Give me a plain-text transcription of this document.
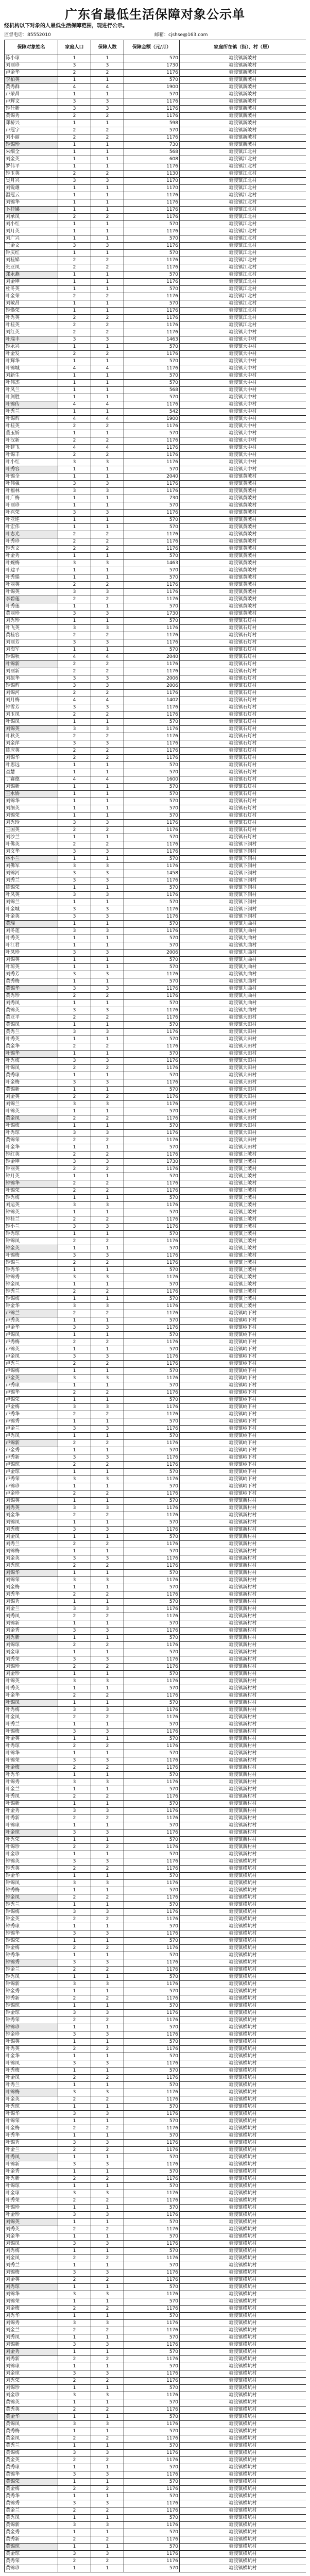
广东省最低生活保障对象公示单
经机构以下对象的人最低生活保障范围，现进行公示。
监督电话：85552010	邮箱：cjshse@163.com
保障对象姓名	家庭人口	保障人数	保障金额（元/月）	家庭所在镇（街）、村（居）
陈小琼	1	1	570	塘渡镇新陂村
刘丽珍	3	3	1730	塘渡镇新陂村
卢金华	2	2	1176	塘渡镇新陂村
李柏英	1	1	570	塘渡镇新陂村
黄秀群	4	4	1900	塘渡镇新陂村
卢荣昌	1	1	570	塘渡镇新陂村
卢辉文	3	3	1176	塘渡镇新陂村
钟仕新	3	3	1176	塘渡镇新陂村
黄锦秀	2	2	1176	塘渡镇新陂村
郑桥兴	1	1	598	塘渡镇新陂村
卢冠宇	2	2	570	塘渡镇新陂村
刘小丽	2	2	1176	塘渡镇新陂村
钟锦珍	1	1	730	塘渡镇新陂村
朱细全	1	1	568	塘渡镇江北村
刘金英	1	1	608	塘渡镇江北村
罗伟平	1	1	1176	塘渡镇江北村
钟玉英	2	2	1130	塘渡镇江北村
吴月兴	3	3	1170	塘渡镇江北村
刘锐雄	1	1	1170	塘渡镇江北村
温冠云	1	1	1176	塘渡镇江北村
刘锦华	1	1	1176	塘渡镇江北村
卜桂娣	1	1	1176	塘渡镇江北村
刘承凤	2	2	1176	塘渡镇江北村
刘小红	1	1	570	塘渡镇江北村
刘月英	1	1	1176	塘渡镇江北村
刘广兴	1	1	570	塘渡镇江北村
王金文	3	3	1176	塘渡镇江北村
钟庆红	1	1	570	塘渡镇江北村
刘桂娣	2	2	1176	塘渡镇江北村
张亚凤	2	2	1176	塘渡镇江北村
郑永燕	1	1	570	塘渡镇江北村
刘金坤	1	1	1176	塘渡镇江北村
杜冬英	1	1	570	塘渡镇江北村
叶金荣	2	2	1176	塘渡镇江北村
刘敏昌	1	1	570	塘渡镇江北村
钟焕荣	1	1	1176	塘渡镇江北村
叶秀英	2	2	1176	塘渡镇江北村
叶桂英	2	2	1176	塘渡镇江北村
刘红英	2	2	1176	塘渡镇大中村
叶瑞丰	3	3	1463	塘渡镇大中村
钟永兴	1	1	570	塘渡镇大中村
叶金发	2	2	1176	塘渡镇大中村
叶辉华	1	1	570	塘渡镇大中村
叶锦城	4	4	1176	塘渡镇大中村
刘新生	1	1	570	塘渡镇大中村
叶伟杰	1	1	570	塘渡镇大中村
叶凤兰	1	1	568	塘渡镇大中村
叶剑胜	1	1	570	塘渡镇大中村
叶锦传	4	4	1176	塘渡镇大中村
叶秀兰	1	1	542	塘渡镇大中村
叶锦辉	4	4	1900	塘渡镇大中村
叶桂英	2	2	1176	塘渡镇大中村
董玉娇	1	1	570	塘渡镇大中村
叶汉新	2	2	1176	塘渡镇大中村
叶建飞	4	4	1176	塘渡镇大中村
叶锦丰	2	2	1176	塘渡镇大中村
叶小红	3	3	1176	塘渡镇大中村
叶秀容	1	1	570	塘渡镇大中村
叶锦全	1	1	2040	塘渡镇黄陂村
叶伟强	3	3	1176	塘渡镇黄陂村
叶福林	3	3	1176	塘渡镇黄陂村
叶广梅	1	1	730	塘渡镇黄陂村
叶丽珍	1	1	570	塘渡镇黄陂村
叶兴荣	3	3	1176	塘渡镇黄陂村
叶亚连	1	1	570	塘渡镇黄陂村
叶宏伟	1	1	570	塘渡镇黄陂村
叶志光	2	2	1176	塘渡镇黄陂村
叶秀珍	2	2	1176	塘渡镇黄陂村
钟秀文	2	2	1176	塘渡镇黄陂村
叶金秀	1	1	570	塘渡镇黄陂村
叶婉梅	3	3	1463	塘渡镇黄陂村
叶建平	1	1	570	塘渡镇黄陂村
叶秀娟	1	1	570	塘渡镇黄陂村
叶丽英	2	2	1176	塘渡镇黄陂村
叶锦英	3	3	1176	塘渡镇黄陂村
李碧莲	2	2	1176	塘渡镇黄陂村
叶秀莲	1	1	570	塘渡镇黄陂村
黄丽珍	3	3	1730	塘渡镇黄陂村
刘秀珍	1	1	570	塘渡镇石灯村
叶飞英	3	3	1176	塘渡镇石灯村
黄桂容	2	2	1176	塘渡镇石灯村
刘丽芳	3	3	1176	塘渡镇石灯村
刘海军	1	1	570	塘渡镇石灯村
钟锦秋	4	4	2040	塘渡镇石灯村
叶锦新	2	2	1176	塘渡镇石灯村
刘丽新	2	2	1176	塘渡镇石灯村
刘振华	3	3	2006	塘渡镇石灯村
钟锦辉	3	3	2006	塘渡镇石灯村
刘锦河	2	2	1176	塘渡镇石灯村
刘月梅	4	4	1402	塘渡镇石灯村
钟雪芳	3	3	1176	塘渡镇石灯村
刘玉凤	2	2	1176	塘渡镇石灯村
叶锦凤	1	1	570	塘渡镇石灯村
刘锦英	3	3	1176	塘渡镇石灯村
叶秋英	2	2	1176	塘渡镇石灯村
刘金萍	3	3	1176	塘渡镇石灯村
陈应英	2	2	1176	塘渡镇石灯村
刘锦华	2	2	1176	塘渡镇石灯村
叶思远	1	1	570	塘渡镇石灯村
童慧	1	1	570	塘渡镇石灯村
丁赛德	4	4	1600	塘渡镇石灯村
刘锦新	1	1	570	塘渡镇石灯村
王水娇	1	1	570	塘渡镇石灯村
刘锦华	1	1	570	塘渡镇石灯村
刘细英	1	1	570	塘渡镇石灯村
刘锦荣	1	1	570	塘渡镇石灯村
刘秀玲	3	3	1176	塘渡镇石灯村
王国英	2	2	1176	塘渡镇石灯村
刘沙兰	1	1	570	塘渡镇石灯村
叶佛英	2	2	1176	塘渡镇下洞村
刘文华	3	3	1176	塘渡镇下洞村
林小兰	1	1	570	塘渡镇下洞村
刘佛军	3	3	1176	塘渡镇下洞村
刘锦河	3	3	1458	塘渡镇下洞村
刘秀兰	3	3	1176	塘渡镇下洞村
陈锦荣	1	1	570	塘渡镇下洞村
叶凤英	3	3	1176	塘渡镇下洞村
刘锦兰	1	1	570	塘渡镇下洞村
叶金城	3	3	1176	塘渡镇下洞村
叶金英	3	3	1176	塘渡镇下洞村
黄瑞	1	1	570	塘渡镇九曲村
刘冬莲	3	3	1176	塘渡镇九曲村
叶秀英	1	1	570	塘渡镇九曲村
叶江君	1	1	570	塘渡镇九曲村
叶凤珍	3	3	2006	塘渡镇九曲村
刘锦英	1	1	570	塘渡镇九曲村
叶琼英	1	1	570	塘渡镇九曲村
刘秀芳	3	3	1176	塘渡镇九曲村
黄秀梅	1	1	570	塘渡镇九曲村
黄锦华	3	3	1176	塘渡镇九曲村
黄秀珍	2	2	1176	塘渡镇九曲村
刘秀凤	1	1	570	塘渡镇九曲村
黄锦英	3	3	1176	塘渡镇九曲村
黄亚平	2	2	1176	塘渡镇大田村
黄锦凤	1	1	570	塘渡镇大田村
黄秀兰	3	3	1176	塘渡镇大田村
叶秀英	1	1	570	塘渡镇大田村
黄金华	2	2	1176	塘渡镇大田村
叶锦华	1	1	570	塘渡镇大田村
叶秀梅	3	3	1176	塘渡镇大田村
叶锦凤	2	2	1176	塘渡镇大田村
黄秀琼	1	1	570	塘渡镇大田村
叶金梅	3	3	1176	塘渡镇大田村
黄锦新	1	1	570	塘渡镇大田村
刘金英	2	2	1176	塘渡镇大田村
刘锦兰	3	3	1176	塘渡镇大田村
叶锦英	1	1	570	塘渡镇大田村
黄金凤	2	2	1176	塘渡镇大田村
叶锦梅	1	1	570	塘渡镇大田村
叶秀琼	3	3	1176	塘渡镇大田村
黄锦荣	2	2	1176	塘渡镇大田村
叶金华	1	1	570	塘渡镇大田村
钟红英	2	2	1176	塘渡镇上陂村
钟金坤	3	3	1730	塘渡镇上陂村
钟丽英	2	2	1176	塘渡镇上陂村
钟月英	1	1	570	塘渡镇上陂村
钟锦华	2	2	1176	塘渡镇上陂村
叶锦荣	2	2	1176	塘渡镇上陂村
钟秀梅	1	1	570	塘渡镇上陂村
刘运英	3	3	1176	塘渡镇上陂村
钟锦英	1	1	570	塘渡镇上陂村
钟桂兰	2	2	1176	塘渡镇上陂村
钟小兰	3	3	1176	塘渡镇上陂村
钟秀琼	1	1	570	塘渡镇上陂村
钟锦凤	2	2	1176	塘渡镇上陂村
钟金英	1	1	570	塘渡镇上陂村
叶锦梅	3	3	1176	塘渡镇上陂村
钟锦兰	2	2	1176	塘渡镇上陂村
钟秀华	1	1	570	塘渡镇上陂村
钟锦秀	3	3	1176	塘渡镇上陂村
钟金凤	1	1	570	塘渡镇上陂村
钟秀兰	2	2	1176	塘渡镇上陂村
钟锦梅	1	1	570	塘渡镇上陂村
钟金华	3	3	1176	塘渡镇上陂村
卢锦兰	2	2	1176	塘渡镇岭下村
卢秀英	1	1	570	塘渡镇岭下村
卢金华	3	3	1176	塘渡镇岭下村
卢锦凤	1	1	570	塘渡镇岭下村
卢秀梅	2	2	1176	塘渡镇岭下村
卢锦英	1	1	570	塘渡镇岭下村
卢金凤	3	3	1176	塘渡镇岭下村
卢秀兰	2	2	1176	塘渡镇岭下村
卢锦梅	1	1	570	塘渡镇岭下村
卢金英	3	3	1176	塘渡镇岭下村
卢秀琼	1	1	570	塘渡镇岭下村
卢锦华	2	2	1176	塘渡镇岭下村
卢锦荣	1	1	570	塘渡镇岭下村
卢金梅	3	3	1176	塘渡镇岭下村
卢秀华	2	2	1176	塘渡镇岭下村
卢锦秀	1	1	570	塘渡镇岭下村
卢金兰	3	3	1176	塘渡镇岭下村
卢秀凤	1	1	570	塘渡镇岭下村
卢锦新	2	2	1176	塘渡镇岭下村
卢金秀	1	1	570	塘渡镇岭下村
卢秀新	3	3	1176	塘渡镇岭下村
卢锦琼	2	2	1176	塘渡镇岭下村
卢金琼	1	1	570	塘渡镇岭下村
卢秀荣	3	3	1176	塘渡镇岭下村
卢锦珍	1	1	570	塘渡镇岭下村
卢金珍	2	2	1176	塘渡镇岭下村
刘锦英	1	1	570	塘渡镇新村村
刘秀英	3	3	1176	塘渡镇新村村
刘金华	2	2	1176	塘渡镇新村村
刘锦凤	1	1	570	塘渡镇新村村
刘秀梅	3	3	1176	塘渡镇新村村
刘金凤	1	1	570	塘渡镇新村村
刘秀兰	2	2	1176	塘渡镇新村村
刘锦梅	1	1	570	塘渡镇新村村
刘金英	3	3	1176	塘渡镇新村村
刘秀琼	2	2	1176	塘渡镇新村村
刘锦华	1	1	570	塘渡镇新村村
刘锦荣	3	3	1176	塘渡镇新村村
刘金梅	1	1	570	塘渡镇新村村
刘秀华	2	2	1176	塘渡镇新村村
刘锦秀	1	1	570	塘渡镇新村村
刘金兰	3	3	1176	塘渡镇新村村
刘秀凤	2	2	1176	塘渡镇新村村
刘锦新	1	1	570	塘渡镇新村村
刘金秀	3	3	1176	塘渡镇新村村
刘秀新	1	1	570	塘渡镇新村村
刘锦琼	2	2	1176	塘渡镇新村村
刘金琼	1	1	570	塘渡镇新村村
刘秀荣	3	3	1176	塘渡镇新村村
刘锦珍	2	2	1176	塘渡镇新村村
刘金珍	1	1	570	塘渡镇新村村
叶锦英	3	3	1176	塘渡镇新村村
叶秀英	1	1	570	塘渡镇新村村
叶金华	2	2	1176	塘渡镇新村村
叶锦凤	1	1	570	塘渡镇新村村
叶秀梅	3	3	1176	塘渡镇新村村
叶金凤	2	2	1176	塘渡镇新村村
叶秀兰	1	1	570	塘渡镇新村村
叶锦梅	3	3	1176	塘渡镇新村村
叶金英	1	1	570	塘渡镇新村村
叶秀琼	2	2	1176	塘渡镇新村村
叶锦华	1	1	570	塘渡镇新村村
叶锦荣	3	3	1176	塘渡镇新村村
叶金梅	2	2	1176	塘渡镇新村村
叶秀华	1	1	570	塘渡镇新村村
叶锦秀	3	3	1176	塘渡镇新村村
叶金兰	1	1	570	塘渡镇新村村
叶秀凤	2	2	1176	塘渡镇新村村
叶锦新	1	1	570	塘渡镇新村村
叶金秀	3	3	1176	塘渡镇新村村
叶秀新	2	2	1176	塘渡镇新村村
叶锦琼	1	1	570	塘渡镇新村村
叶金琼	3	3	1176	塘渡镇新村村
叶秀荣	1	1	570	塘渡镇新村村
叶锦珍	2	2	1176	塘渡镇新村村
叶金珍	1	1	570	塘渡镇新村村
钟锦英	3	3	1176	塘渡镇横坑村
钟秀英	2	2	1176	塘渡镇横坑村
钟金华	1	1	570	塘渡镇横坑村
钟锦凤	3	3	1176	塘渡镇横坑村
钟秀梅	1	1	570	塘渡镇横坑村
钟金凤	2	2	1176	塘渡镇横坑村
钟秀兰	1	1	570	塘渡镇横坑村
钟锦梅	3	3	1176	塘渡镇横坑村
钟金英	2	2	1176	塘渡镇横坑村
钟秀琼	1	1	570	塘渡镇横坑村
钟锦华	3	3	1176	塘渡镇横坑村
钟锦荣	1	1	570	塘渡镇横坑村
钟金梅	2	2	1176	塘渡镇横坑村
钟秀华	1	1	570	塘渡镇横坑村
钟锦秀	3	3	1176	塘渡镇横坑村
钟金兰	2	2	1176	塘渡镇横坑村
钟秀凤	1	1	570	塘渡镇横坑村
钟锦新	3	3	1176	塘渡镇横坑村
钟金秀	1	1	570	塘渡镇横坑村
钟秀新	2	2	1176	塘渡镇横坑村
钟锦琼	1	1	570	塘渡镇横坑村
钟金琼	3	3	1176	塘渡镇横坑村
钟秀荣	2	2	1176	塘渡镇横坑村
钟锦珍	1	1	570	塘渡镇横坑村
钟金珍	3	3	1176	塘渡镇横坑村
叶锦英	1	1	570	塘渡镇横坑村
叶秀英	2	2	1176	塘渡镇横坑村
叶金华	1	1	570	塘渡镇横坑村
叶锦凤	3	3	1176	塘渡镇横坑村
叶秀梅	1	1	570	塘渡镇横坑村
叶金凤	2	2	1176	塘渡镇横坑村
叶秀兰	1	1	570	塘渡镇横坑村
叶锦梅	3	3	1176	塘渡镇横坑村
叶金英	2	2	1176	塘渡镇横坑村
叶秀琼	1	1	570	塘渡镇横坑村
叶锦华	3	3	1176	塘渡镇横坑村
叶锦荣	1	1	570	塘渡镇横坑村
叶金梅	2	2	1176	塘渡镇横坑村
叶秀华	1	1	570	塘渡镇横坑村
叶锦秀	3	3	1176	塘渡镇横坑村
叶金兰	2	2	1176	塘渡镇横坑村
叶秀凤	1	1	570	塘渡镇横坑村
叶锦新	3	3	1176	塘渡镇横坑村
叶金秀	1	1	570	塘渡镇横坑村
叶秀新	2	2	1176	塘渡镇横坑村
叶锦琼	1	1	570	塘渡镇横坑村
叶金琼	3	3	1176	塘渡镇横坑村
叶秀荣	2	2	1176	塘渡镇横坑村
叶锦珍	1	1	570	塘渡镇横坑村
叶金珍	3	3	1176	塘渡镇横坑村
刘锦英	1	1	570	塘渡镇横坑村
刘秀英	2	2	1176	塘渡镇横坑村
刘金华	1	1	570	塘渡镇横坑村
刘锦凤	3	3	1176	塘渡镇横坑村
刘秀梅	1	1	570	塘渡镇横坑村
刘金凤	2	2	1176	塘渡镇横坑村
刘秀兰	1	1	570	塘渡镇横坑村
刘锦梅	3	3	1176	塘渡镇横坑村
刘金英	2	2	1176	塘渡镇横坑村
刘秀琼	1	1	570	塘渡镇横坑村
刘锦华	3	3	1176	塘渡镇横坑村
刘锦荣	1	1	570	塘渡镇横坑村
刘金梅	2	2	1176	塘渡镇横坑村
刘秀华	1	1	570	塘渡镇横坑村
刘锦秀	3	3	1176	塘渡镇横坑村
刘金兰	2	2	1176	塘渡镇横坑村
刘秀凤	1	1	570	塘渡镇横坑村
刘锦新	3	3	1176	塘渡镇横坑村
刘金秀	1	1	570	塘渡镇横坑村
刘秀新	2	2	1176	塘渡镇横坑村
刘锦琼	1	1	570	塘渡镇横坑村
刘金琼	3	3	1176	塘渡镇横坑村
刘秀荣	2	2	1176	塘渡镇横坑村
刘锦珍	1	1	570	塘渡镇横坑村
刘金珍	3	3	1176	塘渡镇横坑村
黄锦英	1	1	570	塘渡镇横坑村
黄秀英	2	2	1176	塘渡镇横坑村
黄金华	1	1	570	塘渡镇横坑村
黄锦凤	3	3	1176	塘渡镇横坑村
黄秀梅	1	1	570	塘渡镇横坑村
黄金凤	2	2	1176	塘渡镇横坑村
黄秀兰	1	1	570	塘渡镇横坑村
黄锦梅	3	3	1176	塘渡镇横坑村
黄金英	2	2	1176	塘渡镇横坑村
黄秀琼	1	1	570	塘渡镇横坑村
黄锦华	3	3	1176	塘渡镇横坑村
黄锦荣	1	1	570	塘渡镇横坑村
黄金梅	2	2	1176	塘渡镇横坑村
黄秀华	1	1	570	塘渡镇横坑村
黄锦秀	3	3	1176	塘渡镇横坑村
黄金兰	2	2	1176	塘渡镇横坑村
黄秀凤	1	1	570	塘渡镇横坑村
黄锦新	3	3	1176	塘渡镇横坑村
黄金秀	1	1	570	塘渡镇横坑村
黄秀新	2	2	1176	塘渡镇横坑村
黄锦琼	1	1	570	塘渡镇横坑村
黄金琼	3	3	1176	塘渡镇横坑村
黄秀荣	2	2	1176	塘渡镇横坑村
黄锦珍	1	1	570	塘渡镇横坑村
